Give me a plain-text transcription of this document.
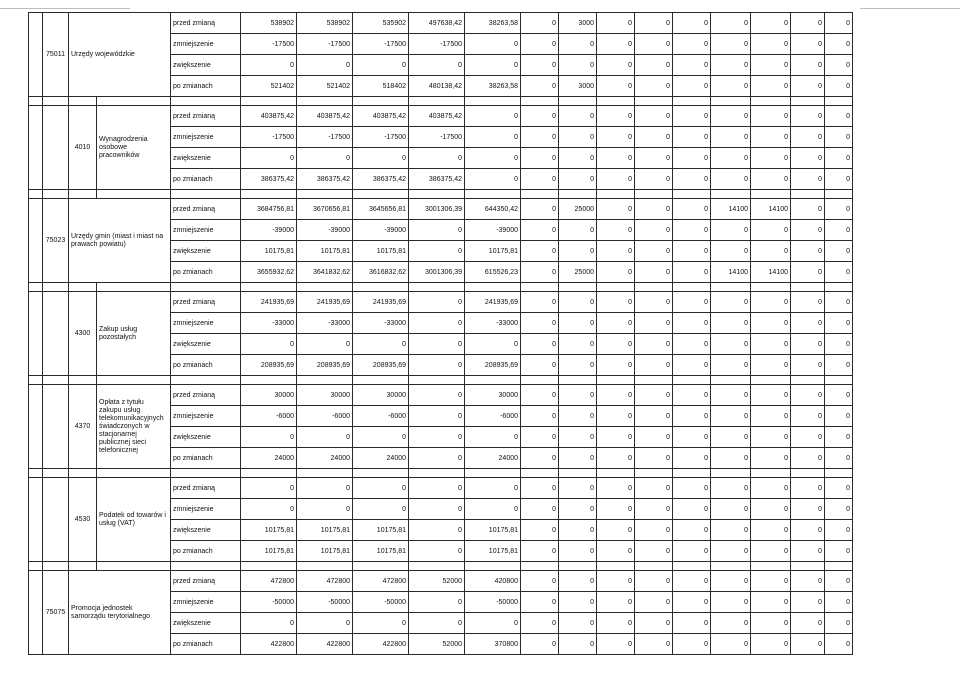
	75011	Urzędy wojewódzkie		przed zmianą	538902	538902	535902	497638,42	38263,58	0	3000	0	0	0	0	0	0	0
				zmniejszenie	-17500	-17500	-17500	-17500	0	0	0	0	0	0	0	0	0	0
				zwiększenie	0	0	0	0	0	0	0	0	0	0	0	0	0	0
				po zmianach	521402	521402	518402	480138,42	38263,58	0	3000	0	0	0	0	0	0	0

		4010	Wynagrodzenia osobowe pracowników	przed zmianą	403875,42	403875,42	403875,42	403875,42	0	0	0	0	0	0	0	0	0	0
				zmniejszenie	-17500	-17500	-17500	-17500	0	0	0	0	0	0	0	0	0	0
				zwiększenie	0	0	0	0	0	0	0	0	0	0	0	0	0	0
				po zmianach	386375,42	386375,42	386375,42	386375,42	0	0	0	0	0	0	0	0	0	0

	75023	Urzędy gmin (miast i miast na prawach powiatu)		przed zmianą	3684756,81	3670656,81	3645656,81	3001306,39	644350,42	0	25000	0	0	0	14100	14100	0	0
				zmniejszenie	-39000	-39000	-39000	0	-39000	0	0	0	0	0	0	0	0	0
				zwiększenie	10175,81	10175,81	10175,81	0	10175,81	0	0	0	0	0	0	0	0	0
				po zmianach	3655932,62	3641832,62	3616832,62	3001306,39	615526,23	0	25000	0	0	0	14100	14100	0	0

		4300	Zakup usług pozostałych	przed zmianą	241935,69	241935,69	241935,69	0	241935,69	0	0	0	0	0	0	0	0	0
				zmniejszenie	-33000	-33000	-33000	0	-33000	0	0	0	0	0	0	0	0	0
				zwiększenie	0	0	0	0	0	0	0	0	0	0	0	0	0	0
				po zmianach	208935,69	208935,69	208935,69	0	208935,69	0	0	0	0	0	0	0	0	0

		4370	Opłata z tytułu zakupu usług telekomunikacyjnych świadczonych w stacjonarnej publicznej sieci telefonicznej	przed zmianą	30000	30000	30000	0	30000	0	0	0	0	0	0	0	0	0
				zmniejszenie	-6000	-6000	-6000	0	-6000	0	0	0	0	0	0	0	0	0
				zwiększenie	0	0	0	0	0	0	0	0	0	0	0	0	0	0
				po zmianach	24000	24000	24000	0	24000	0	0	0	0	0	0	0	0	0

		4530	Podatek od towarów i usług (VAT)	przed zmianą	0	0	0	0	0	0	0	0	0	0	0	0	0	0
				zmniejszenie	0	0	0	0	0	0	0	0	0	0	0	0	0	0
				zwiększenie	10175,81	10175,81	10175,81	0	10175,81	0	0	0	0	0	0	0	0	0
				po zmianach	10175,81	10175,81	10175,81	0	10175,81	0	0	0	0	0	0	0	0	0

	75075	Promocja jednostek samorządu terytorialnego		przed zmianą	472800	472800	472800	52000	420800	0	0	0	0	0	0	0	0	0
				zmniejszenie	-50000	-50000	-50000	0	-50000	0	0	0	0	0	0	0	0	0
				zwiększenie	0	0	0	0	0	0	0	0	0	0	0	0	0	0
				po zmianach	422800	422800	422800	52000	370800	0	0	0	0	0	0	0	0	0
